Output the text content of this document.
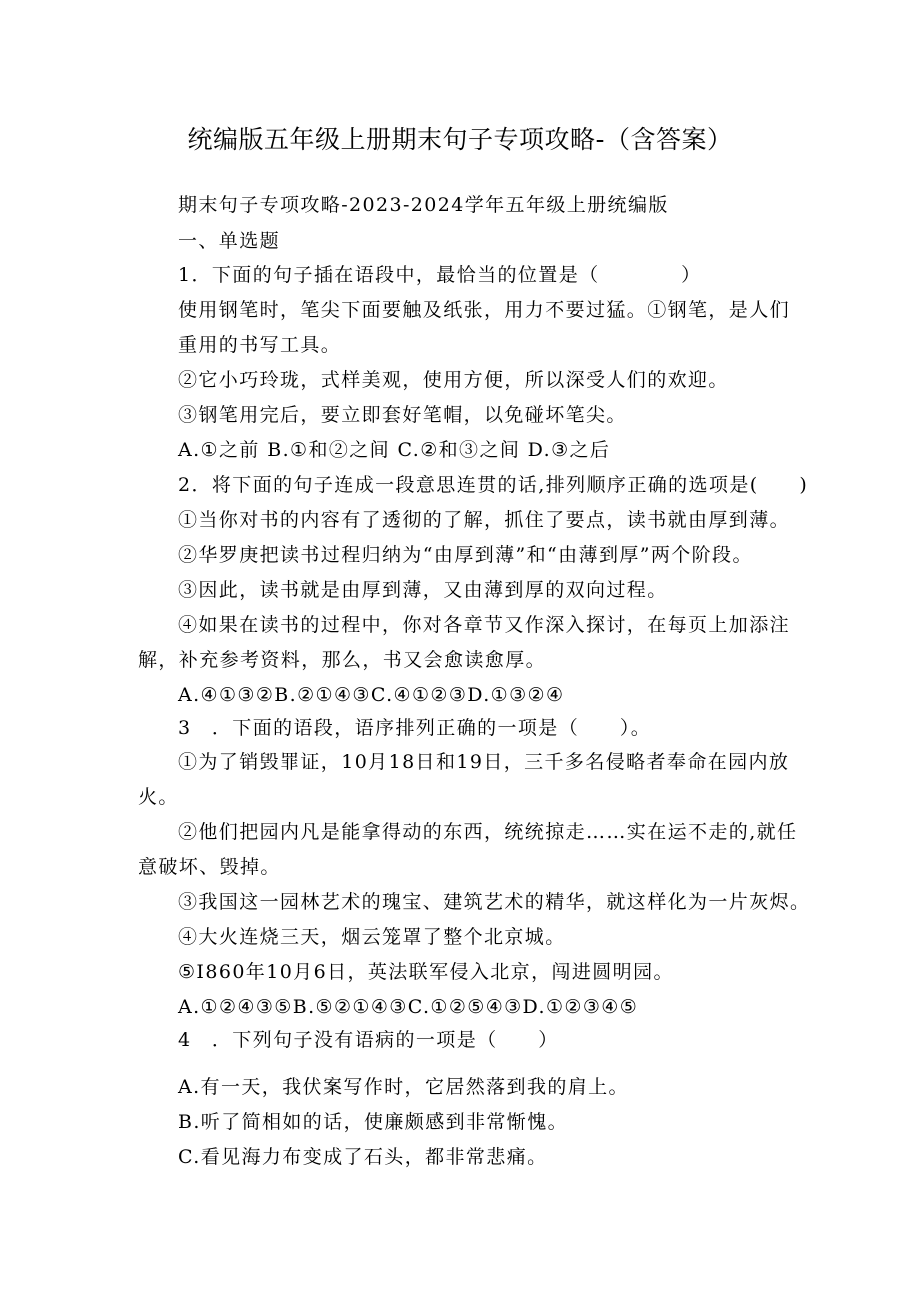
统编版五年级上册期末句子专项攻略-（含答案）
期末句子专项攻略-2023-2024学年五年级上册统编版
一、单选题
1．下面的句子插在语段中，最恰当的位置是（　　　　）
使用钢笔时，笔尖下面要触及纸张，用力不要过猛。①钢笔，是人们
重用的书写工具。
②它小巧玲珑，式样美观，使用方便，所以深受人们的欢迎。
③钢笔用完后，要立即套好笔帽，以免碰坏笔尖。
A.①之前 B.①和②之间 C.②和③之间 D.③之后
2．将下面的句子连成一段意思连贯的话,排列顺序正确的选项是(　　)
①当你对书的内容有了透彻的了解，抓住了要点，读书就由厚到薄。
②华罗庚把读书过程归纳为“由厚到薄”和“由薄到厚”两个阶段。
③因此，读书就是由厚到薄，又由薄到厚的双向过程。
④如果在读书的过程中，你对各章节又作深入探讨，在每页上加添注
解，补充参考资料，那么，书又会愈读愈厚。
A.④①③②B.②①④③C.④①②③D.①③②④
3　．下面的语段，语序排列正确的一项是（　　）。
①为了销毁罪证，10月18日和19日，三千多名侵略者奉命在园内放
火。
②他们把园内凡是能拿得动的东西，统统掠走……实在运不走的,就任
意破坏、毁掉。
③我国这一园林艺术的瑰宝、建筑艺术的精华，就这样化为一片灰烬。
④大火连烧三天，烟云笼罩了整个北京城。
⑤I860年10月6日，英法联军侵入北京，闯进圆明园。
A.①②④③⑤B.⑤②①④③C.①②⑤④③D.①②③④⑤
4　．下列句子没有语病的一项是（　　）
A.有一天，我伏案写作时，它居然落到我的肩上。
B.听了简相如的话，使廉颇感到非常惭愧。
C.看见海力布变成了石头，都非常悲痛。
